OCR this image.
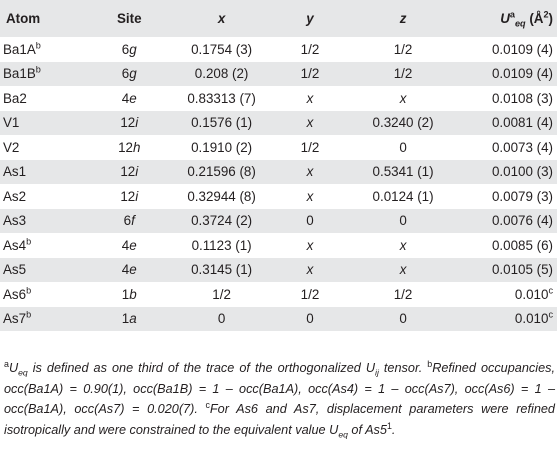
Atom	Site	x	y	z	$U^a_{eq}$ $(Å^2)$
$Ba1A^b$	6g	0.1754 (3)	1/2	1/2	0.0109 (4)
$Ba1B^b$	6g	0.208 (2)	1/2	1/2	0.0109 (4)
Ba2	4e	0.83313 (7)	x	x	0.0108 (3)
V1	12i	0.1576 (1)	x	0.3240 (2)	0.0081 (4)
V2	12h	0.1910 (2)	1/2	0	0.0073 (4)
As1	12i	0.21596 (8)	x	0.5341 (1)	0.0100 (3)
As2	12i	0.32944 (8)	x	0.0124 (1)	0.0079 (3)
As3	6f	0.3724 (2)	0	0	0.0076 (4)
As4$^b$	4e	0.1123 (1)	x	x	0.0085 (6)
As5	4e	0.3145 (1)	x	x	0.0105 (5)
As6$^b$	1b	1/2	1/2	1/2	0.010$^c$
As7$^b$	1a	0	0	0	0.010$^c$
$^aU_{eq}$ is defined as one third of the trace of the orthogonalized $U_{ij}$ tensor. $^b$Refined occupancies, occ(Ba1A) = 0.90(1), occ(Ba1B) = 1 – occ(Ba1A), occ(As4) = 1 – occ(As7), occ(As6) = 1 – occ(Ba1A), occ(As7) = 0.020(7). $^c$For As6 and As7, displacement parameters were refined isotropically and were constrained to the equivalent value $U_{eq}$ of $As5^1$.
